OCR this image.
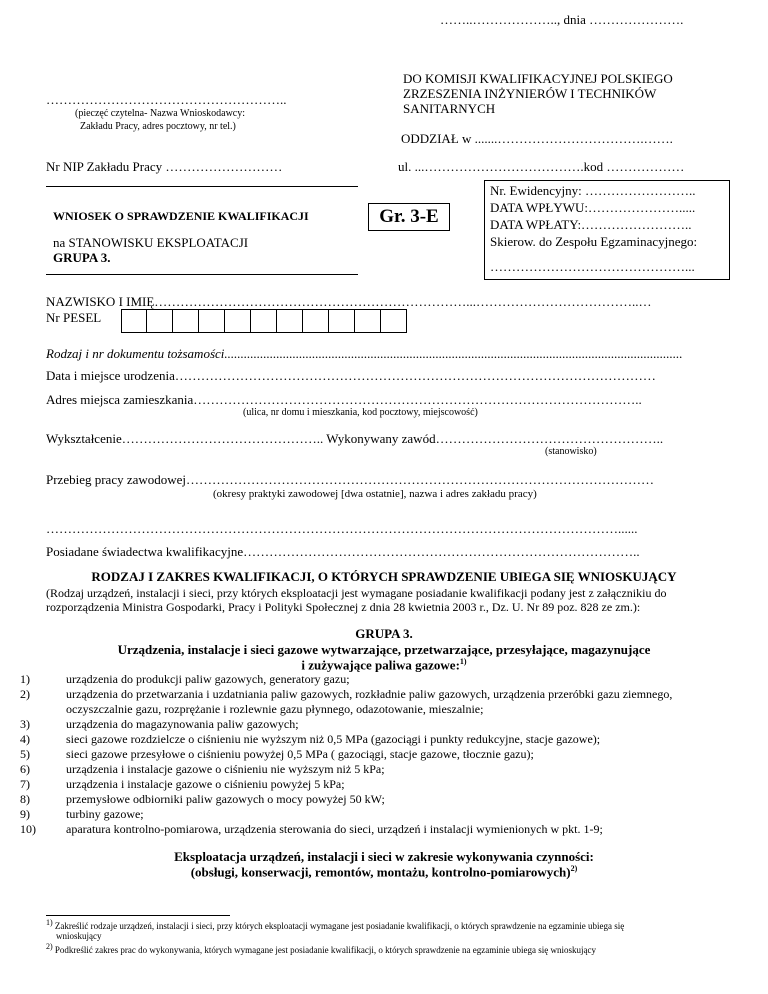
……..……………….., dnia ………………….
………………………………………………..
(pieczęć czytelna- Nazwa Wnioskodawcy:
Zakładu Pracy, adres pocztowy, nr tel.)
DO KOMISJI KWALIFIKACYJNEJ POLSKIEGO
ZRZESZENIA INŻYNIERÓW I TECHNIKÓW
SANITARNYCH
ODDZIAŁ w .......…………………………….…….
Nr NIP Zakładu Pracy ………………………	ul. ...……………………………….kod ………………
WNIOSEK O SPRAWDZENIE KWALIFIKACJI
na STANOWISKU EKSPLOATACJI
GRUPA 3.
Gr. 3-E
Nr. Ewidencyjny: ……………………..
DATA WPŁYWU:………………….....
DATA WPŁATY:……………………..
Skierow. do Zespołu Egzaminacyjnego:
………………………………………...
NAZWISKO I IMIĘ………………………………………………………………...………………………………..…
Nr PESEL
Rodzaj i nr dokumentu tożsamości.............................................................................................................................................
Data i miejsce urodzenia…………………………………………………………………………………………………
Adres miejsca zamieszkania…………………………………………………………………………………………..
(ulica, nr domu i mieszkania, kod pocztowy, miejscowość)
Wykształcenie……………………………………….. Wykonywany zawód……………………………………………..
(stanowisko)
Przebieg pracy zawodowej………………………………………………………………………………………………
(okresy praktyki zawodowej [dwa ostatnie], nazwa i adres zakładu pracy)
……………………………………………………………………………………………………………………......
Posiadane świadectwa kwalifikacyjne………………………………………………………………………………..
RODZAJ I ZAKRES KWALIFIKACJI, O KTÓRYCH SPRAWDZENIE UBIEGA SIĘ WNIOSKUJĄCY
(Rodzaj urządzeń, instalacji i sieci, przy których eksploatacji jest wymagane posiadanie kwalifikacji podany jest z załącznikiu do
rozporządzenia Ministra Gospodarki, Pracy i Polityki Społecznej z dnia 28 kwietnia 2003 r., Dz. U. Nr 89 poz. 828 ze zm.):
GRUPA 3.
Urządzenia, instalacje i sieci gazowe wytwarzające, przetwarzające, przesyłające, magazynujące
i zużywające paliwa gazowe:$^{1)}$
1)	urządzenia do produkcji paliw gazowych, generatory gazu;
2)	urządzenia do przetwarzania i uzdatniania paliw gazowych, rozkładnie paliw gazowych, urządzenia przeróbki gazu ziemnego, oczyszczalnie gazu, rozprężanie i rozlewnie gazu płynnego, odazotowanie, mieszalnie;
3)	urządzenia do magazynowania paliw gazowych;
4)	sieci gazowe rozdzielcze o ciśnieniu nie wyższym niż 0,5 MPa (gazociągi i punkty redukcyjne, stacje gazowe);
5)	sieci gazowe przesyłowe o ciśnieniu powyżej 0,5 MPa ( gazociągi, stacje gazowe, tłocznie gazu);
6)	urządzenia i instalacje gazowe o ciśnieniu nie wyższym niż 5 kPa;
7)	urządzenia i instalacje gazowe o ciśnieniu powyżej 5 kPa;
8)	przemysłowe odbiorniki paliw gazowych o mocy powyżej 50 kW;
9)	turbiny gazowe;
10)	aparatura kontrolno-pomiarowa, urządzenia sterowania do sieci, urządzeń i instalacji wymienionych w pkt. 1-9;
Eksploatacja urządzeń, instalacji i sieci w zakresie wykonywania czynności:
(obsługi, konserwacji, remontów, montażu, kontrolno-pomiarowych)$^{2)}$
$^{1)}$ Zakreślić rodzaje urządzeń, instalacji i sieci, przy których eksploatacji wymagane jest posiadanie kwalifikacji, o których sprawdzenie na egzaminie ubiega się
wnioskujący
$^{2)}$ Podkreślić zakres prac do wykonywania, których wymagane jest posiadanie kwalifikacji, o których sprawdzenie na egzaminie ubiega się wnioskujący
